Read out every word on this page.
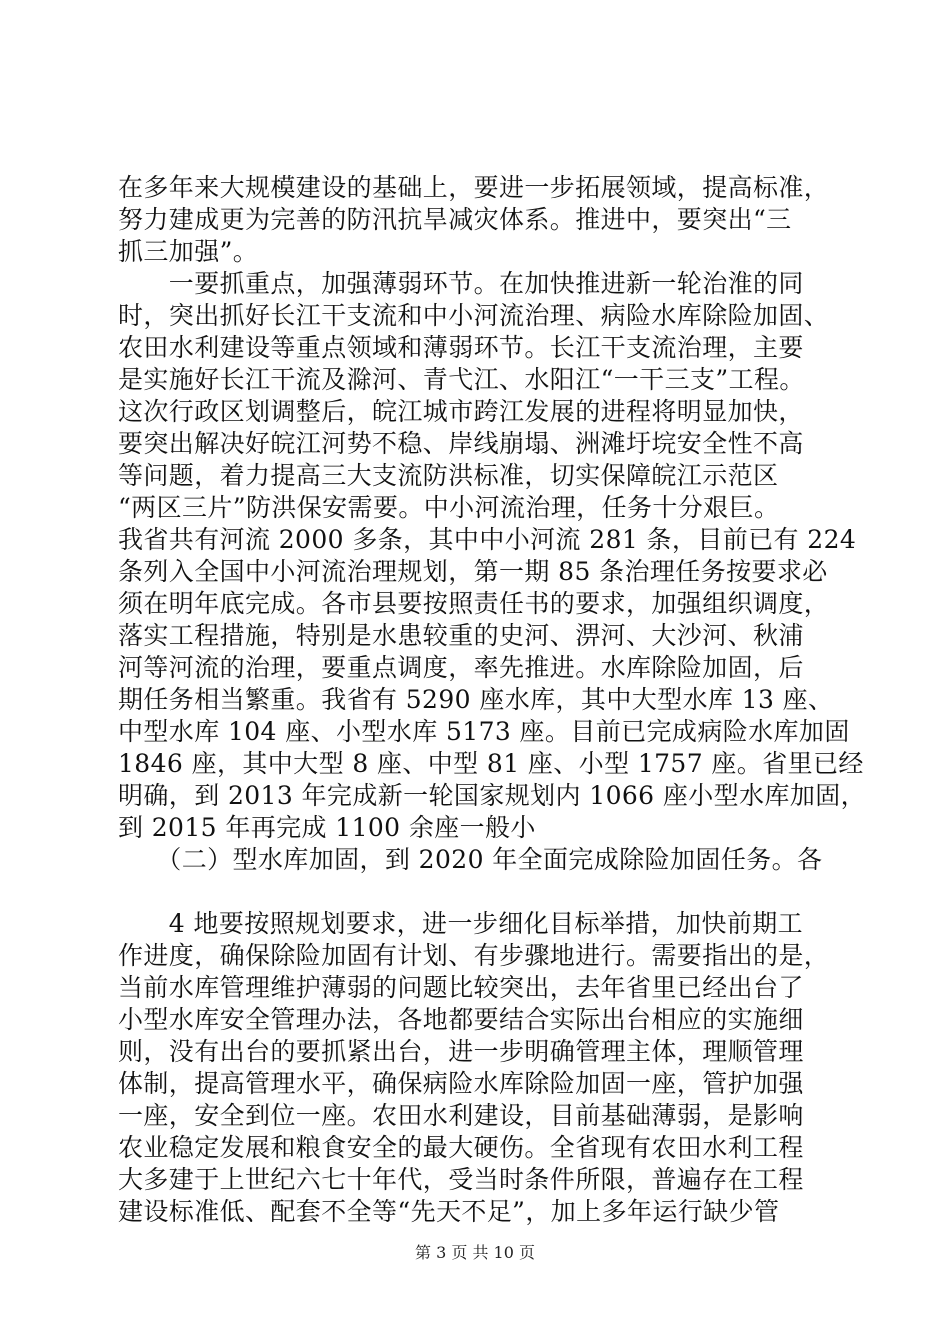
在多年来大规模建设的基础上，要进一步拓展领域，提高标准，
努力建成更为完善的防汛抗旱减灾体系。推进中，要突出“三
抓三加强”。
　　一要抓重点，加强薄弱环节。在加快推进新一轮治淮的同
时，突出抓好长江干支流和中小河流治理、病险水库除险加固、
农田水利建设等重点领域和薄弱环节。长江干支流治理，主要
是实施好长江干流及滁河、青弋江、水阳江“一干三支”工程。
这次行政区划调整后，皖江城市跨江发展的进程将明显加快，
要突出解决好皖江河势不稳、岸线崩塌、洲滩圩垸安全性不高
等问题，着力提高三大支流防洪标准，切实保障皖江示范区
“两区三片”防洪保安需要。中小河流治理，任务十分艰巨。
我省共有河流 2000 多条，其中中小河流 281 条，目前已有 224
条列入全国中小河流治理规划，第一期 85 条治理任务按要求必
须在明年底完成。各市县要按照责任书的要求，加强组织调度，
落实工程措施，特别是水患较重的史河、淠河、大沙河、秋浦
河等河流的治理，要重点调度，率先推进。水库除险加固，后
期任务相当繁重。我省有 5290 座水库，其中大型水库 13 座、
中型水库 104 座、小型水库 5173 座。目前已完成病险水库加固
1846 座，其中大型 8 座、中型 81 座、小型 1757 座。省里已经
明确，到 2013 年完成新一轮国家规划内 1066 座小型水库加固，
到 2015 年再完成 1100 余座一般小
　　（二）型水库加固，到 2020 年全面完成除险加固任务。各
　　4 地要按照规划要求，进一步细化目标举措，加快前期工
作进度，确保除险加固有计划、有步骤地进行。需要指出的是，
当前水库管理维护薄弱的问题比较突出，去年省里已经出台了
小型水库安全管理办法，各地都要结合实际出台相应的实施细
则，没有出台的要抓紧出台，进一步明确管理主体，理顺管理
体制，提高管理水平，确保病险水库除险加固一座，管护加强
一座，安全到位一座。农田水利建设，目前基础薄弱，是影响
农业稳定发展和粮食安全的最大硬伤。全省现有农田水利工程
大多建于上世纪六七十年代，受当时条件所限，普遍存在工程
建设标准低、配套不全等“先天不足”，加上多年运行缺少管
第 3 页 共 10 页
